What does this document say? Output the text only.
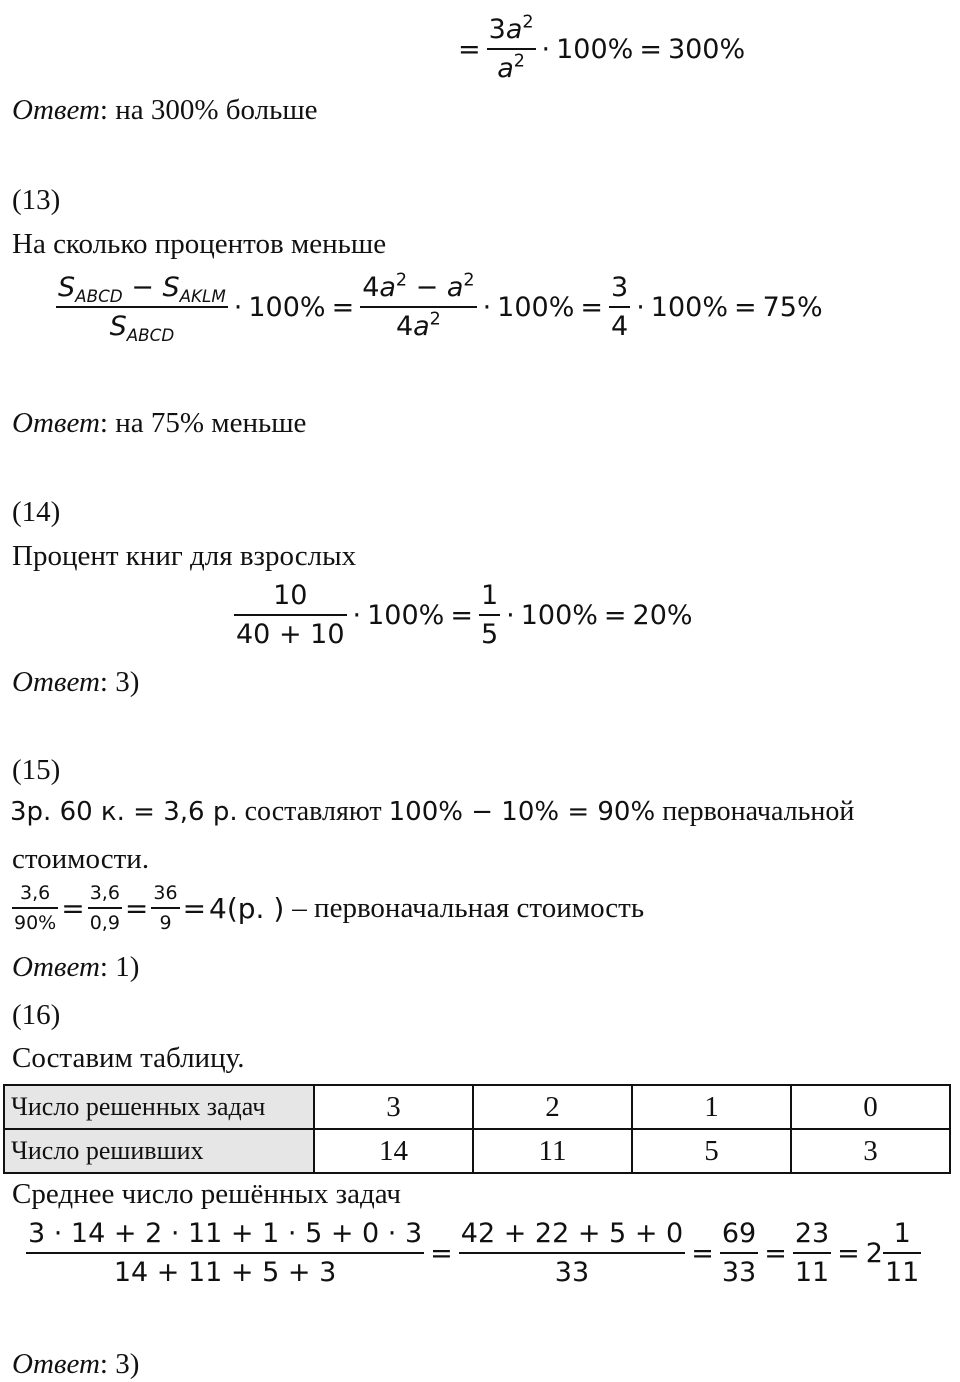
=
$3a^2$
$a^2 \cdot 100\% = 300\%$
Ответ: на 300% больше
(13)
На сколько процентов меньше
$S_{ABCD} - S_{AKLM}$
$S_{ABCD}$
· 100% =
$4a^2 - a^2$
$4a^2 \cdot 100\%$ =
3
4
· 100% = 75%
Ответ: на 75% меньше
(14)
Процент книг для взрослых
10
40 + 10
· 100% =
1
5
· 100% = 20%
Ответ: 3)
(15)
3р. 60 к. = 3,6 р. составляют 100% − 10% = 90% первоначальной
стоимости.
3,6
90% = 3,6
0,9 = 36
9 = 4(р. ) – первоначальная стоимость
Ответ: 1)
(16)
Составим таблицу.
Число решенных задач	3	2	1	0
Число решивших	14	11	5	3
Среднее число решённых задач
3 · 14 + 2 · 11 + 1 · 5 + 0 · 3
14 + 11 + 5 + 3
=
42 + 22 + 5 + 0
33
=
69
33
=
23
11
= 2
1
11
Ответ: 3)
